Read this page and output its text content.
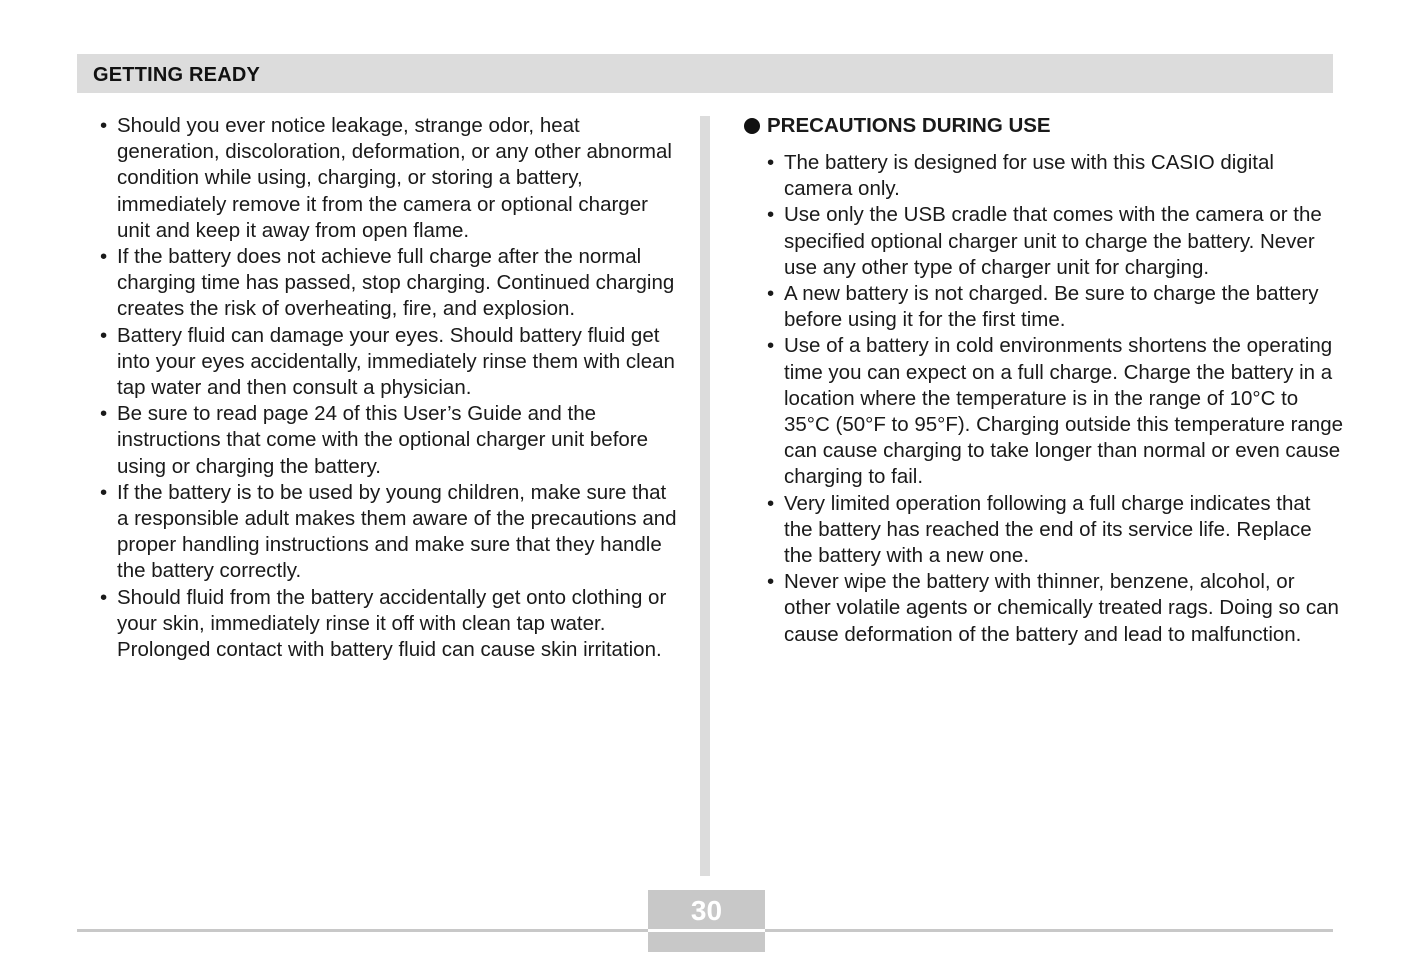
GETTING READY
• Should you ever notice leakage, strange odor, heat generation, discoloration, deformation, or any other abnormal condition while using, charging, or storing a battery, immediately remove it from the camera or optional charger unit and keep it away from open flame.
• If the battery does not achieve full charge after the normal charging time has passed, stop charging. Continued charging creates the risk of overheating, fire, and explosion.
• Battery fluid can damage your eyes. Should battery fluid get into your eyes accidentally, immediately rinse them with clean tap water and then consult a physician.
• Be sure to read page 24 of this User’s Guide and the instructions that come with the optional charger unit before using or charging the battery.
• If the battery is to be used by young children, make sure that a responsible adult makes them aware of the precautions and proper handling instructions and make sure that they handle the battery correctly.
• Should fluid from the battery accidentally get onto clothing or your skin, immediately rinse it off with clean tap water. Prolonged contact with battery fluid can cause skin irritation.
PRECAUTIONS DURING USE
• The battery is designed for use with this CASIO digital camera only.
• Use only the USB cradle that comes with the camera or the specified optional charger unit to charge the battery. Never use any other type of charger unit for charging.
• A new battery is not charged. Be sure to charge the battery before using it for the first time.
• Use of a battery in cold environments shortens the operating time you can expect on a full charge. Charge the battery in a location where the temperature is in the range of 10°C to 35°C (50°F to 95°F). Charging outside this temperature range can cause charging to take longer than normal or even cause charging to fail.
• Very limited operation following a full charge indicates that the battery has reached the end of its service life. Replace the battery with a new one.
• Never wipe the battery with thinner, benzene, alcohol, or other volatile agents or chemically treated rags. Doing so can cause deformation of the battery and lead to malfunction.
30
